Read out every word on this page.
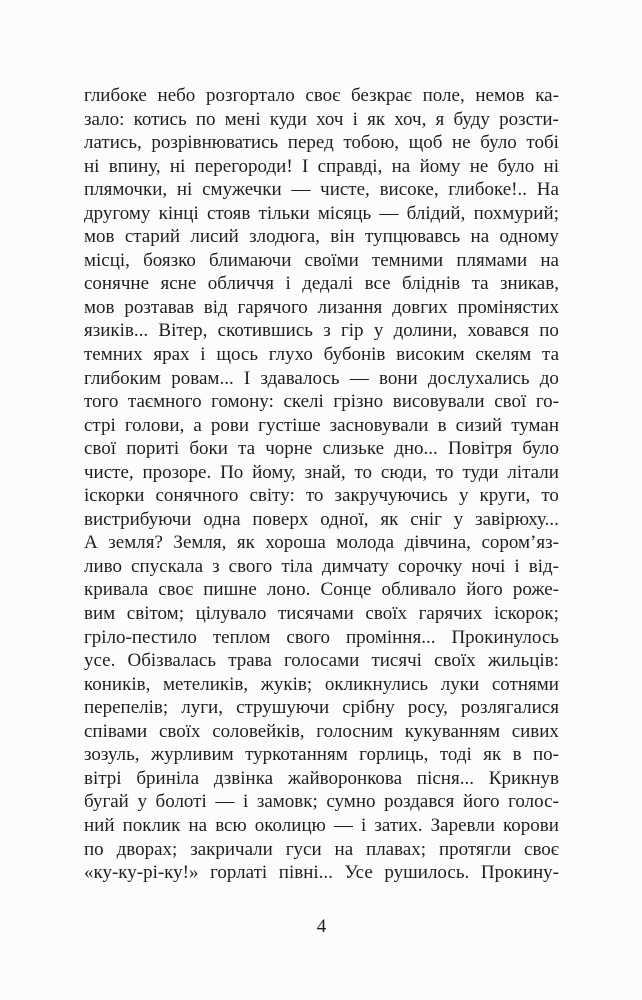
глибоке небо розгортало своє безкрає поле, немов ка-
зало: котись по мені куди хоч і як хоч, я буду розсти-
латись, розрівнюватись перед тобою, щоб не було тобі
ні впину, ні перегороди! І справді, на йому не було ні
плямочки, ні смужечки — чисте, високе, глибоке!.. На
другому кінці стояв тільки місяць — блідий, похмурий;
мов старий лисий злодюга, він тупцювавсь на одному
місці, боязко блимаючи своїми темними плямами на
сонячне ясне обличчя і дедалі все бліднів та зникав,
мов розтавав від гарячого лизання довгих промінястих
язиків... Вітер, скотившись з гір у долини, ховався по
темних ярах і щось глухо бубонів високим скелям та
глибоким ровам... І здавалось — вони дослухались до
того таємного гомону: скелі грізно висовували свої го-
стрі голови, а рови густіше засновували в сизий туман
свої пориті боки та чорне слизьке дно... Повітря було
чисте, прозоре. По йому, знай, то сюди, то туди літали
іскорки сонячного світу: то закручуючись у круги, то
вистрибуючи одна поверх одної, як сніг у завірюху...
А земля? Земля, як хороша молода дівчина, сором’яз-
ливо спускала з свого тіла димчату сорочку ночі і від-
кривала своє пишне лоно. Сонце обливало його роже-
вим світом; цілувало тисячами своїх гарячих іскорок;
гріло-пестило теплом свого проміння... Прокинулось
усе. Обізвалась трава голосами тисячі своїх жильців:
коників, метеликів, жуків; окликнулись луки сотнями
перепелів; луги, струшуючи срібну росу, розлягалися
співами своїх соловейків, голосним кукуванням сивих
зозуль, журливим туркотанням горлиць, тоді як в по-
вітрі бриніла дзвінка жайворонкова пісня... Крикнув
бугай у болоті — і замовк; сумно роздався його голос-
ний поклик на всю околицю — і затих. Заревли корови
по дворах; закричали гуси на плавах; протягли своє
«ку-ку-рі-ку!» горлаті півні... Усе рушилось. Прокину-
4
